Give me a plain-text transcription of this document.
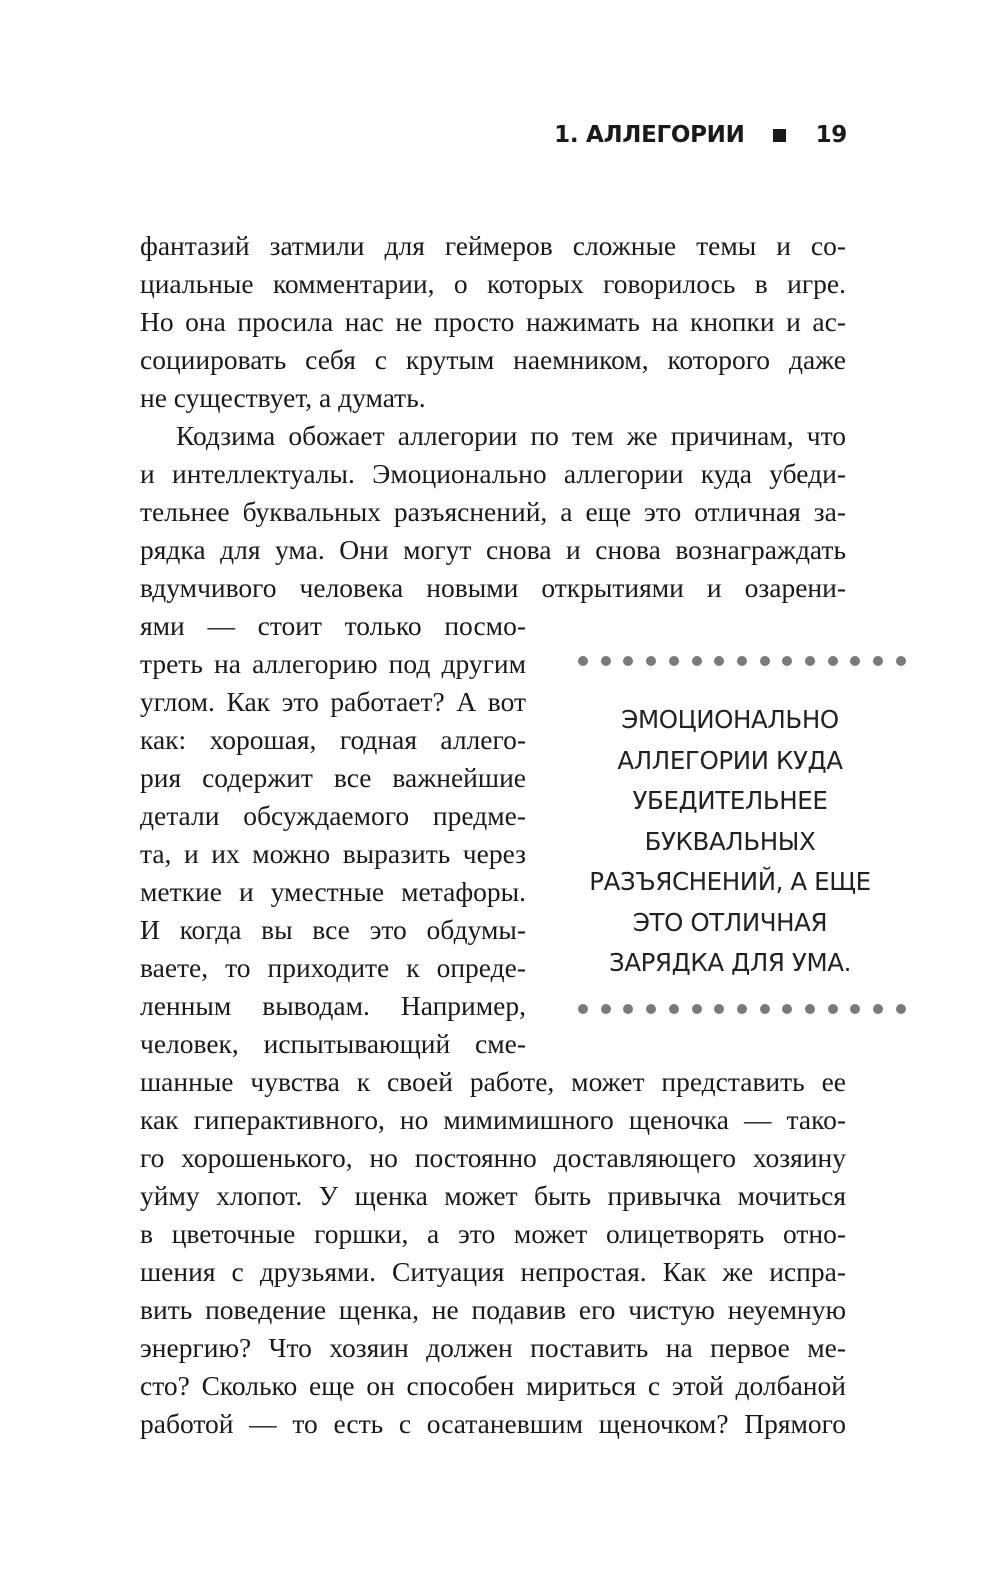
1. АЛЛЕГОРИИ	19
фантазий затмили для геймеров сложные темы и со-
циальные комментарии, о которых говорилось в игре.
Но она просила нас не просто нажимать на кнопки и ас-
социировать себя с крутым наемником, которого даже
не существует, а думать.
Кодзима обожает аллегории по тем же причинам, что
и интеллектуалы. Эмоционально аллегории куда убеди-
тельнее буквальных разъяснений, а еще это отличная за-
рядка для ума. Они могут снова и снова вознаграждать
вдумчивого человека новыми открытиями и озарени-
ями — стоит только посмо-
треть на аллегорию под другим
углом. Как это работает? А вот
как: хорошая, годная аллего-
рия содержит все важнейшие
детали обсуждаемого предме-
та, и их можно выразить через
меткие и уместные метафоры.
И когда вы все это обдумы-
ваете, то приходите к опреде-
ленным выводам. Например,
человек, испытывающий сме-
шанные чувства к своей работе, может представить ее
как гиперактивного, но мимимишного щеночка — тако-
го хорошенького, но постоянно доставляющего хозяину
уйму хлопот. У щенка может быть привычка мочиться
в цветочные горшки, а это может олицетворять отно-
шения с друзьями. Ситуация непростая. Как же испра-
вить поведение щенка, не подавив его чистую неуемную
энергию? Что хозяин должен поставить на первое ме-
сто? Сколько еще он способен мириться с этой долбаной
работой — то есть с осатаневшим щеночком? Прямого
ЭМОЦИОНАЛЬНО
АЛЛЕГОРИИ КУДА
УБЕДИТЕЛЬНЕЕ
БУКВАЛЬНЫХ
РАЗЪЯСНЕНИЙ, А ЕЩЕ
ЭТО ОТЛИЧНАЯ
ЗАРЯДКА ДЛЯ УМА.
